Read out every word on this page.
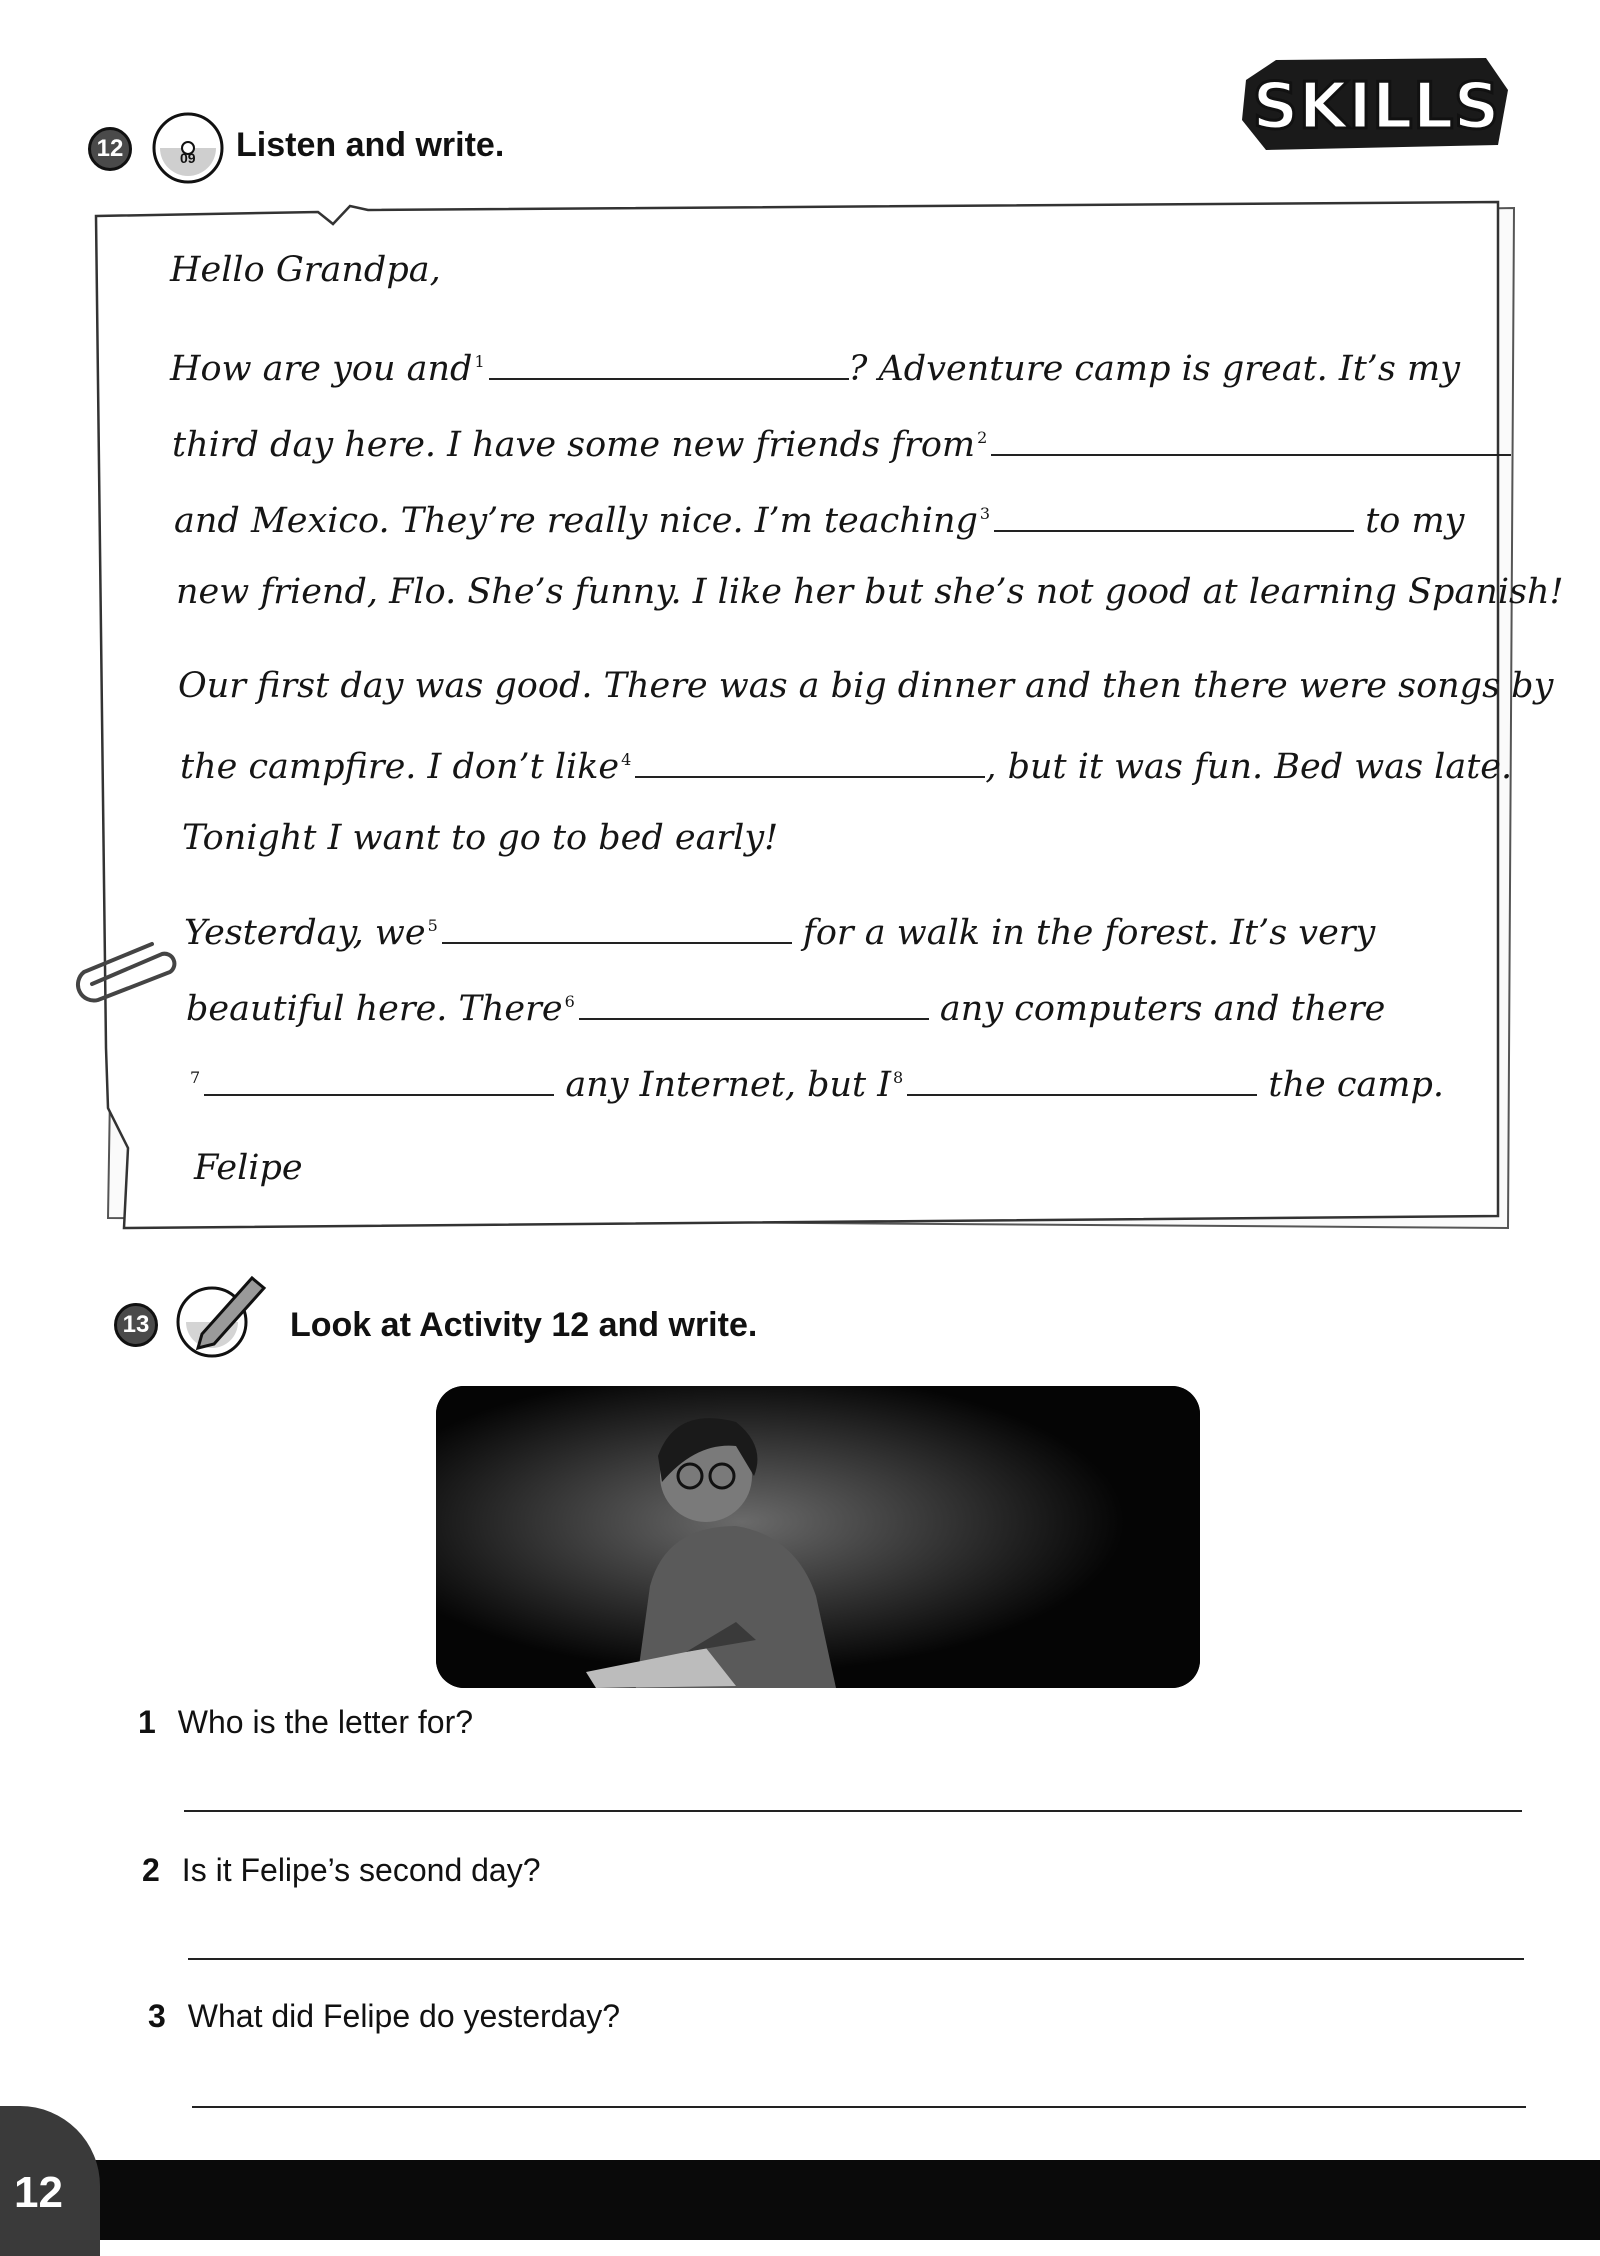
SKILLS
12	09 Listen and write.
Hello Grandpa,
How are you and $^1$	? Adventure camp is great. It’s my
third day here. I have some new friends from $^2$
and Mexico. They’re really nice. I’m teaching $^3$	to my
new friend, Flo. She’s funny. I like her but she’s not good at learning Spanish!
Our first day was good. There was a big dinner and then there were songs by
the campfire. I don’t like $^4$	, but it was fun. Bed was late.
Tonight I want to go to bed early!
Yesterday, we $^5$	for a walk in the forest. It’s very
beautiful here. There $^6$	any computers and there
$^7$	any Internet, but I $^8$	the camp.
Felipe
13	Look at Activity 12 and write.
1 Who is the letter for?
2 Is it Felipe’s second day?
3 What did Felipe do yesterday?
12
